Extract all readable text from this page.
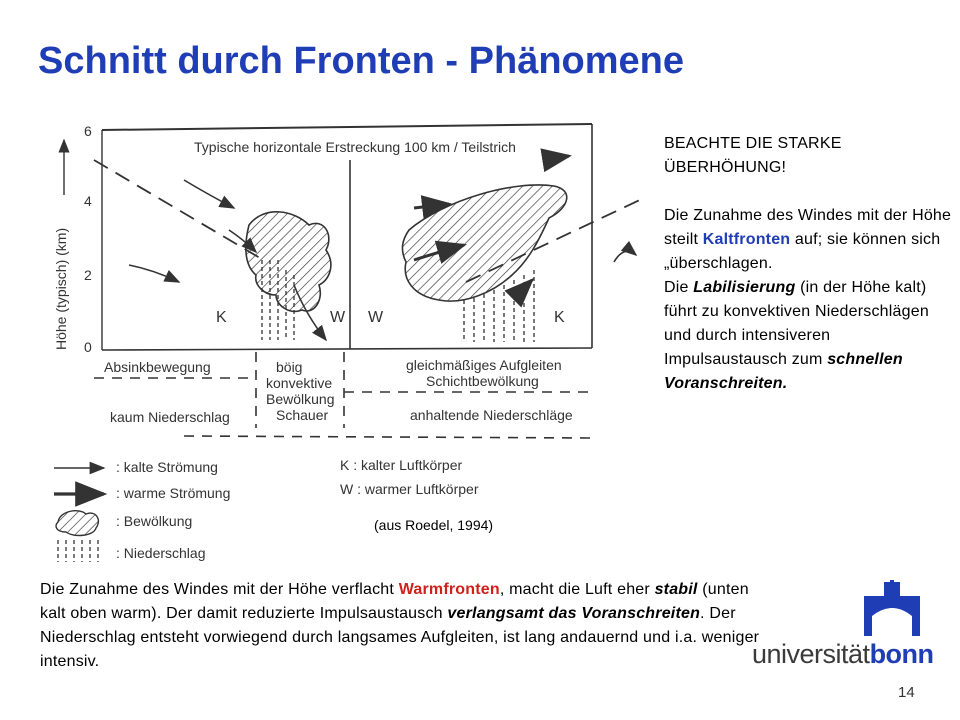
Schnitt durch Fronten - Phänomene
Höhe (typisch) (km)
6
4
2
0
Typische horizontale Erstreckung 100 km / Teilstrich
K	W W	K
Absinkbewegung
kaum Niederschlag
böig
konvektive
Bewölkung
Schauer
gleichmäßiges Aufgleiten
Schichtbewölkung
anhaltende Niederschläge
: kalte Strömung
: warme Strömung
: Bewölkung
: Niederschlag
K : kalter Luftkörper
W : warmer Luftkörper
(aus Roedel, 1994)

BEACHTE DIE STARKE

ÜBERHÖHUNG!

Die Zunahme des Windes mit der Höhe steilt Kaltfronten auf; sie können sich „überschlagen.

Die Labilisierung (in der Höhe kalt) führt zu konvektiven Niederschlägen und durch intensiveren Impulsaustausch zum schnellen Voranschreiten.

Die Zunahme des Windes mit der Höhe verflacht Warmfronten, macht die Luft eher stabil (unten kalt oben warm). Der damit reduzierte Impulsaustausch verlangsamt das Voranschreiten. Der Niederschlag entsteht vorwiegend durch langsames Aufgleiten, ist lang andauernd und i.a. weniger intensiv.	universitätbonn
14
